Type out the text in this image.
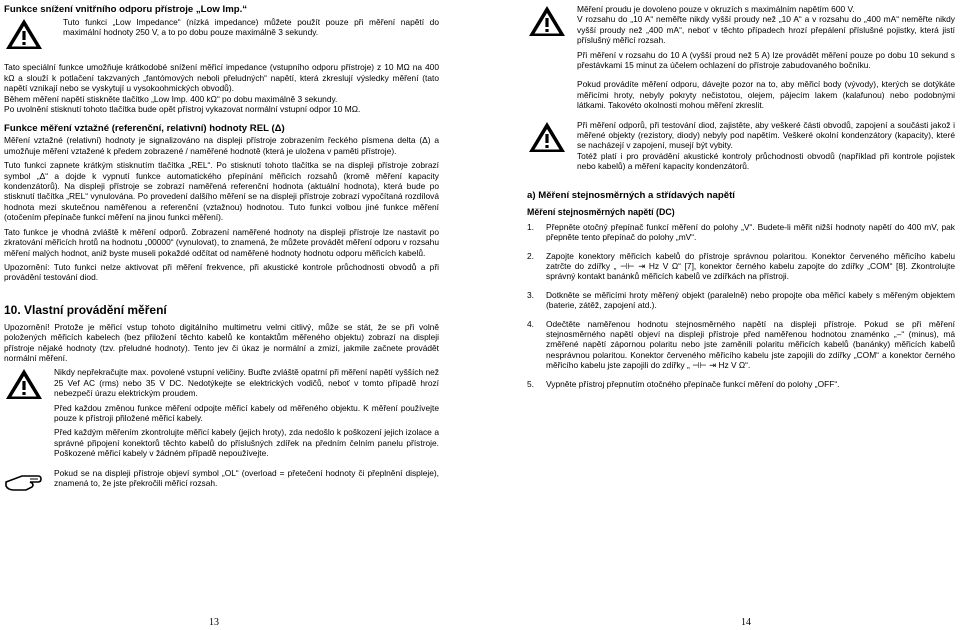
Funkce snížení vnitřního odporu přístroje „Low Imp.“

Tuto funkci „Low Impedance“ (nízká impedance) můžete použít pouze při měření napětí do maximální hodnoty 250 V, a to po dobu pouze maximálně 3 sekundy.

Tato speciální funkce umožňuje krátkodobé snížení měřicí impedance (vstupního odporu přístroje) z 10 MΩ na 400 kΩ a slouží k potlačení takzvaných „fantómových neboli přeludných“ napětí, která zkreslují výsledky měření (tato napětí vznikají nebo se vyskytují u vysokoohmických obvodů).

Během měření napětí stiskněte tlačítko „Low Imp. 400 kΩ“ po dobu maximálně 3 sekundy.

Po uvolnění stisknutí tohoto tlačítka bude opět přístroj vykazovat normální vstupní odpor 10 MΩ.

Funkce měření vztažné (referenční, relativní) hodnoty REL (Δ)

Měření vztažné (relativní) hodnoty je signalizováno na displeji přístroje zobrazením řeckého písmena delta (Δ) a umožňuje měření vztažené k předem zobrazené / naměřené hodnotě (která je uložena v paměti přístroje).

Tuto funkci zapnete krátkým stisknutím tlačítka „REL“. Po stisknutí tohoto tlačítka se na displeji přístroje zobrazí symbol „Δ“ a dojde k vypnutí funkce automatického přepínání měřicích rozsahů (kromě měření kapacity kondenzátorů). Na displeji přístroje se zobrazí naměřená referenční hodnota (aktuální hodnota), která bude po stisknutí tlačítka „REL“ vynulována. Po provedení dalšího měření se na displeji přístroje zobrazí vypočítaná rozdílová hodnota mezi skutečnou naměřenou a referenční (vztažnou) hodnotou. Tuto funkci volbou jiné funkce měření (otočením přepínače funkcí měření na jinou funkci měření).

Tato funkce je vhodná zvláště k měření odporů. Zobrazení naměřené hodnoty na displeji přístroje lze nastavit po zkratování měřicích hrotů na hodnotu „00000“ (vynulovat), to znamená, že můžete provádět měření odporu v rozsahu měření malých hodnot, aniž byste museli pokaždé odčítat od naměřené hodnoty hodnotu odporu měřicích kabelů.

Upozornění: Tuto funkci nelze aktivovat při měření frekvence, při akustické kontrole průchodnosti obvodů a při provádění testování diod.

10. Vlastní provádění měření

Upozornění! Protože je měřicí vstup tohoto digitálního multimetru velmi citlivý, může se stát, že se při volně položených měřicích kabelech (bez přiložení těchto kabelů ke kontaktům měřeného objektu) zobrazí na displeji přístroje nějaké hodnoty (tzv. přeludné hodnoty). Tento jev či úkaz je normální a zmizí, jakmile začnete provádět normální měření.

Nikdy nepřekračujte max. povolené vstupní veličiny. Buďte zvláště opatrní při měření napětí vyšších než 25 Vef AC (rms) nebo 35 V DC. Nedotýkejte se elektrických vodičů, neboť v tomto případě hrozí nebezpečí úrazu elektrickým proudem.

Před každou změnou funkce měření odpojte měřicí kabely od měřeného objektu. K měření používejte pouze k přístroji přiložené měřicí kabely.

Před každým měřením zkontrolujte měřicí kabely (jejich hroty), zda nedošlo k poškození jejich izolace a správné připojení konektorů těchto kabelů do příslušných zdířek na předním čelním panelu přístroje. Poškozené měřicí kabely v žádném případě nepoužívejte.

Pokud se na displeji přístroje objeví symbol „OL“ (overload = přetečení hodnoty či přeplnění displeje), znamená to, že jste překročili měřicí rozsah.

Měření proudu je dovoleno pouze v okruzích s maximálním napětím 600 V.

V rozsahu do „10 A“ neměřte nikdy vyšší proudy než „10 A“ a v rozsahu do „400 mA“ neměřte nikdy vyšší proudy než „400 mA“, neboť v těchto případech hrozí přepálení příslušné pojistky, která jistí příslušný měřicí rozsah.

Při měření v rozsahu do 10 A (vyšší proud než 5 A) lze provádět měření pouze po dobu 10 sekund s přestávkami 15 minut za účelem ochlazení do přístroje zabudovaného bočníku.

Pokud provádíte měření odporu, dávejte pozor na to, aby měřicí body (vývody), kterých se dotýkáte měřicími hroty, nebyly pokryty nečistotou, olejem, pájecím lakem (kalafunou) nebo podobnými látkami. Takovéto okolnosti mohou měření zkreslit.

Při měření odporů, při testování diod, zajistěte, aby veškeré části obvodů, zapojení a součásti jakož i měřené objekty (rezistory, diody) nebyly pod napětím. Veškeré okolní kondenzátory (kapacity), které se nacházejí v zapojení, musejí být vybity.

Totéž platí i pro provádění akustické kontroly průchodnosti obvodů (například při kontrole pojistek nebo kabelů) a měření kapacity kondenzátorů.

a) Měření stejnosměrných a střídavých napětí

Měření stejnosměrných napětí (DC)

1.	Přepněte otočný přepínač funkcí měření do polohy „V“. Budete-li měřit nižší hodnoty napětí do 400 mV, pak přepněte tento přepínač do polohy „mV“.
2.	Zapojte konektory měřicích kabelů do přístroje správnou polaritou. Konektor červeného měřicího kabelu zatrčte do zdířky „ ⊣⊢ ⇥ Hz V Ω“ [7], konektor černého kabelu zapojte do zdířky „COM“ [8]. Zkontrolujte správný kontakt banánků měřicích kabelů ve zdířkách na přístroji.
3.	Dotkněte se měřicími hroty měřený objekt (paralelně) nebo propojte oba měřicí kabely s měřeným objektem (baterie, zátěž, zapojení atd.).
4.	Odečtěte naměřenou hodnotu stejnosměrného napětí na displeji přístroje. Pokud se při měření stejnosměrného napětí objeví na displeji přístroje před naměřenou hodnotou znaménko „–“ (minus), má změřené napětí zápornou polaritu nebo jste zaměnili polaritu měřicích kabelů (banánky) měřicích kabelů nesprávnou polaritou. Konektor červeného měřicího kabelu jste zapojili do zdířky „COM“ a konektor černého měřicího kabelu jste zapojili do zdířky „ ⊣⊢ ⇥ Hz V Ω“.
5.	Vypněte přístroj přepnutím otočného přepínače funkcí měření do polohy „OFF“.
13	14
